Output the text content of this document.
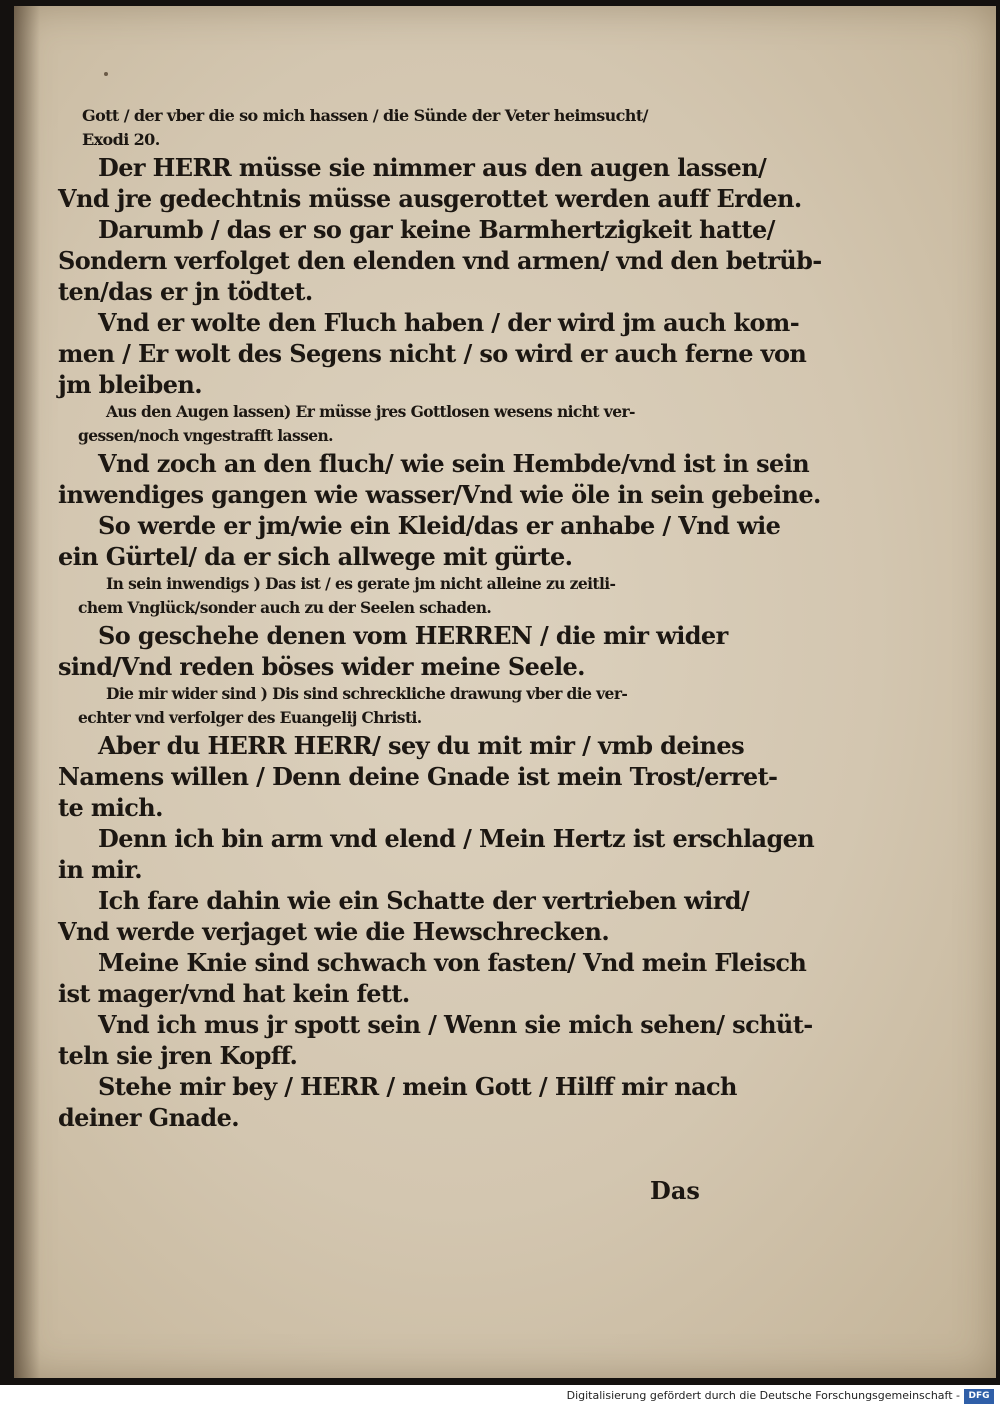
Gott / der vber die so mich hassen / die Sünde der Veter heimsucht/
Exodi 20.
Der HERR müsse sie nimmer aus den augen lassen/
Vnd jre gedechtnis müsse ausgerottet werden auff Erden.
Darumb / das er so gar keine Barmhertzigkeit hatte/
Sondern verfolget den elenden vnd armen/ vnd den betrüb-
ten/das er jn tödtet.
Vnd er wolte den Fluch haben / der wird jm auch kom-
men / Er wolt des Segens nicht / so wird er auch ferne von
jm bleiben.
Aus den Augen lassen) Er müsse jres Gottlosen wesens nicht ver-
gessen/noch vngestrafft lassen.
Vnd zoch an den fluch/ wie sein Hembde/vnd ist in sein
inwendiges gangen wie wasser/Vnd wie öle in sein gebeine.
So werde er jm/wie ein Kleid/das er anhabe / Vnd wie
ein Gürtel/ da er sich allwege mit gürte.
In sein inwendigs ) Das ist / es gerate jm nicht alleine zu zeitli-
chem Vnglück/sonder auch zu der Seelen schaden.
So geschehe denen vom HERREN / die mir wider
sind/Vnd reden böses wider meine Seele.
Die mir wider sind ) Dis sind schreckliche drawung vber die ver-
echter vnd verfolger des Euangelij Christi.
Aber du HERR HERR/ sey du mit mir / vmb deines
Namens willen / Denn deine Gnade ist mein Trost/erret-
te mich.
Denn ich bin arm vnd elend / Mein Hertz ist erschlagen
in mir.
Ich fare dahin wie ein Schatte der vertrieben wird/
Vnd werde verjaget wie die Hewschrecken.
Meine Knie sind schwach von fasten/ Vnd mein Fleisch
ist mager/vnd hat kein fett.
Vnd ich mus jr spott sein / Wenn sie mich sehen/ schüt-
teln sie jren Kopff.
Stehe mir bey / HERR / mein Gott / Hilff mir nach
deiner Gnade.
Das
Digitalisierung gefördert durch die Deutsche Forschungsgemeinschaft - DFG
